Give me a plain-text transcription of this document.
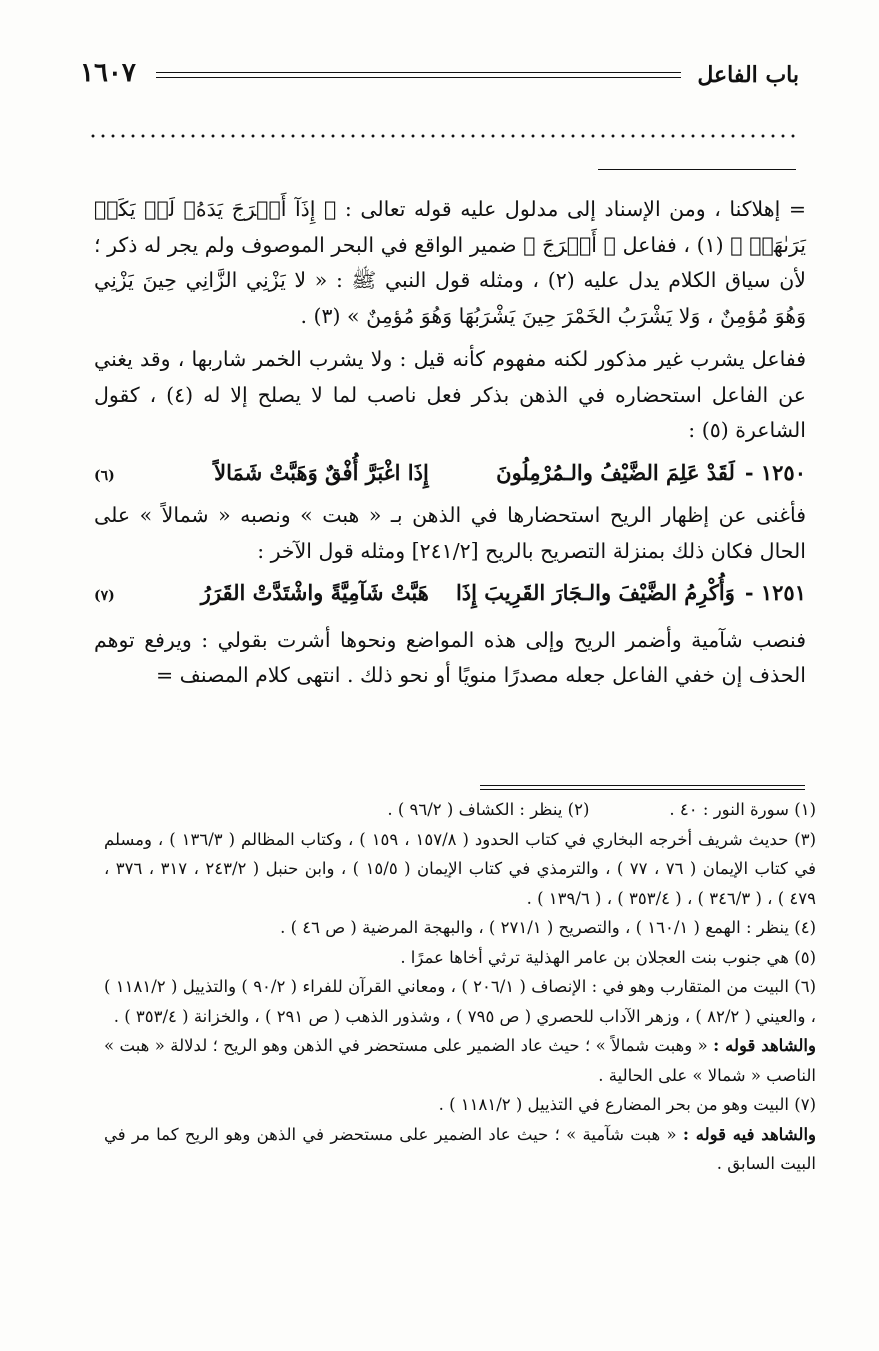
باب الفاعل
١٦٠٧

= إهلاكنا ، ومن الإسناد إلى مدلول عليه قوله تعالى : ﴿ إِذَآ أَخۡرَجَ يَدَهُۥ لَمۡ يَكَدۡ يَرَىٰهَاۗ ﴾ (١) ، ففاعل ﴿ أَخۡرَجَ ﴾ ضمير الواقع في البحر الموصوف ولم يجر له ذكر ؛ لأن سياق الكلام يدل عليه (٢) ، ومثله قول النبي ﷺ : « لا يَزْنِي الزَّانِي حِينَ يَزْنِي وَهُوَ مُؤمِنٌ ، وَلا يَشْرَبُ الخَمْرَ حِينَ يَشْرَبُهَا وَهُوَ مُؤمِنٌ » (٣) .

ففاعل يشرب غير مذكور لكنه مفهوم كأنه قيل : ولا يشرب الخمر شاربها ، وقد يغني عن الفاعل استحضاره في الذهن بذكر فعل ناصب لما لا يصلح إلا له (٤) ، كقول الشاعرة (٥) :

١٢٥٠ -
لَقَدْ عَلِمَ الضَّيْفُ والـمُرْمِلُونَ
إِذَا اغْبَرَّ أُفْقٌ وَهَبَّتْ شَمَالاً
(٦)

فأغنى عن إظهار الريح استحضارها في الذهن بـ « هبت » ونصبه « شمالاً » على الحال فكان ذلك بمنزلة التصريح بالريح [٢٤١/٢] ومثله قول الآخر :

١٢٥١ -
وَأُكْرِمُ الضَّيْفَ والـجَارَ القَرِيبَ إِذَا
هَبَّتْ شَآمِيَّةً واشْتَدَّتْ القَرَرُ
(٧)

فنصب شآمية وأضمر الريح وإلى هذه المواضع ونحوها أشرت بقولي : ويرفع توهم الحذف إن خفي الفاعل جعله مصدرًا منويًا أو نحو ذلك . انتهى كلام المصنف =

(١) سورة النور : ٤٠ .
(٢) ينظر : الكشاف ( ٩٦/٢ ) .

(٣) حديث شريف أخرجه البخاري في كتاب الحدود ( ١٥٧/٨ ، ١٥٩ ) ، وكتاب المظالم ( ١٣٦/٣ ) ، ومسلم في كتاب الإيمان ( ٧٦ ، ٧٧ ) ، والترمذي في كتاب الإيمان ( ١٥/٥ ) ، وابن حنبل ( ٢٤٣/٢ ، ٣١٧ ، ٣٧٦ ، ٤٧٩ ) ، ( ٣٤٦/٣ ) ، ( ٣٥٣/٤ ) ، ( ١٣٩/٦ ) .

(٤) ينظر : الهمع ( ١٦٠/١ ) ، والتصريح ( ٢٧١/١ ) ، والبهجة المرضية ( ص ٤٦ ) .

(٥) هي جنوب بنت العجلان بن عامر الهذلية ترثي أخاها عمرًا .

(٦) البيت من المتقارب وهو في : الإنصاف ( ٢٠٦/١ ) ، ومعاني القرآن للفراء ( ٩٠/٢ ) والتذييل ( ١١٨١/٢ ) ، والعيني ( ٨٢/٢ ) ، وزهر الآداب للحصري ( ص ٧٩٥ ) ، وشذور الذهب ( ص ٢٩١ ) ، والخزانة ( ٣٥٣/٤ ) .

والشاهد قوله : « وهبت شمالاً » ؛ حيث عاد الضمير على مستحضر في الذهن وهو الريح ؛ لدلالة « هبت » الناصب « شمالا » على الحالية .

(٧) البيت وهو من بحر المضارع في التذييل ( ١١٨١/٢ ) .

والشاهد فيه قوله : « هبت شآمية » ؛ حيث عاد الضمير على مستحضر في الذهن وهو الريح كما مر في البيت السابق .
